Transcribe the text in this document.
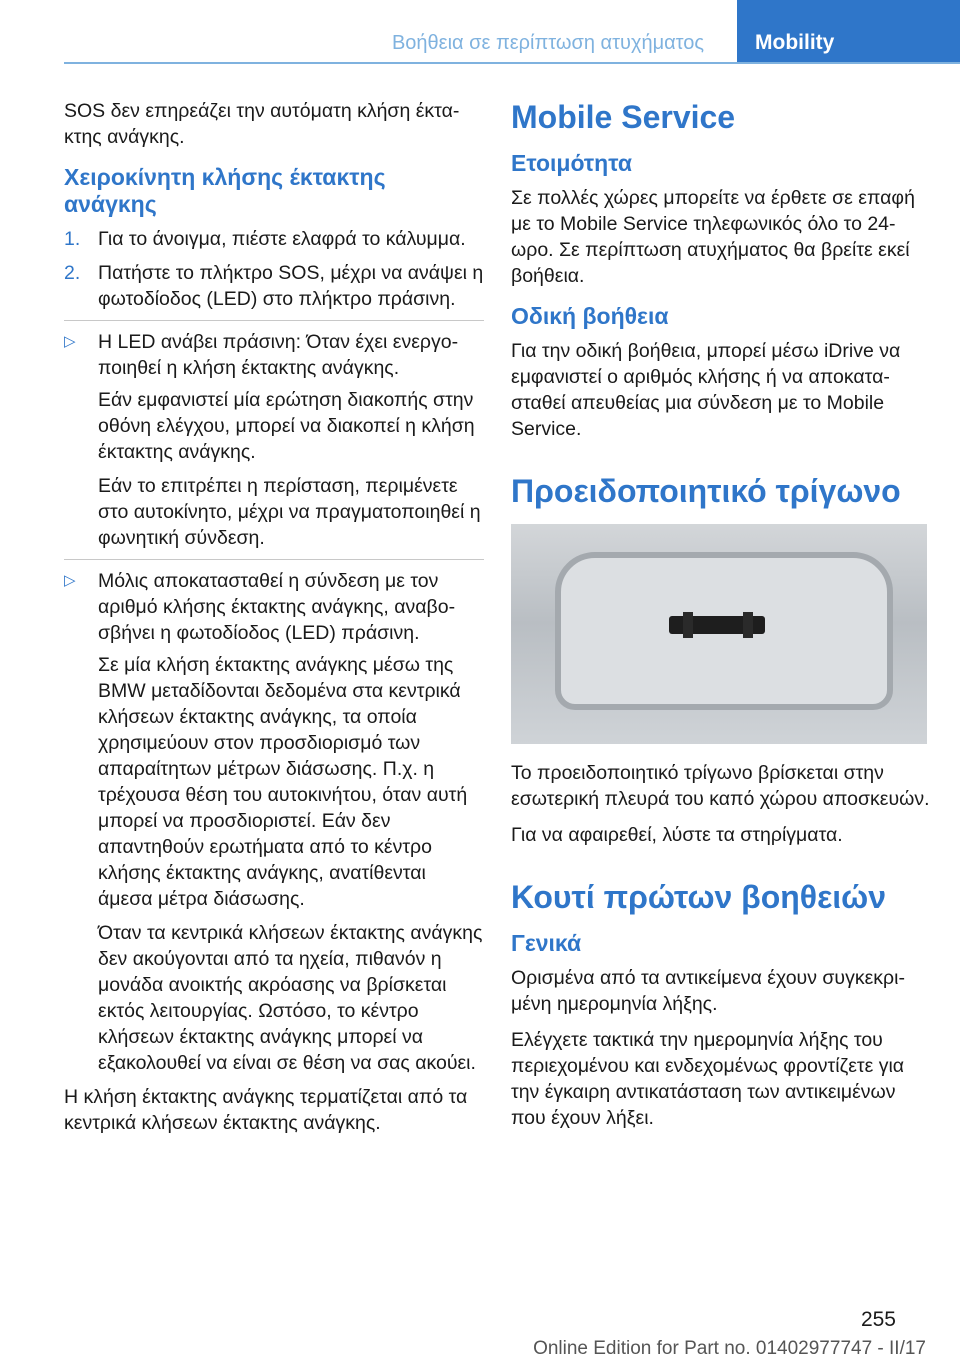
Βοήθεια σε περίπτωση ατυχήματος	Mobility

SOS δεν επηρεάζει την αυτόματη κλήση έκτακτης ανάγκης.

Χειροκίνητη κλήσης έκτακτης ανάγκης
1. Για το άνοιγμα, πιέστε ελαφρά το κάλυμμα.
2. Πατήστε το πλήκτρο SOS, μέχρι να ανάψει η φωτοδίοδος (LED) στο πλήκτρο πράσινη.
▷	Η LED ανάβει πράσινη: Όταν έχει ενεργοποιηθεί η κλήση έκτακτης ανάγκης.
Εάν εμφανιστεί μία ερώτηση διακοπής στην οθόνη ελέγχου, μπορεί να διακοπεί η κλήση έκτακτης ανάγκης.
Εάν το επιτρέπει η περίσταση, περιμένετε στο αυτοκίνητο, μέχρι να πραγματοποιηθεί η φωνητική σύνδεση.
▷	Μόλις αποκατασταθεί η σύνδεση με τον αριθμό κλήσης έκτακτης ανάγκης, αναβοσβήνει η φωτοδίοδος (LED) πράσινη.
Σε μία κλήση έκτακτης ανάγκης μέσω της BMW μεταδίδονται δεδομένα στα κεντρικά κλήσεων έκτακτης ανάγκης, τα οποία χρησιμεύουν στον προσδιορισμό των απαραίτητων μέτρων διάσωσης. Π.χ. η τρέχουσα θέση του αυτοκινήτου, όταν αυτή μπορεί να προσδιοριστεί. Εάν δεν απαντηθούν ερωτήματα από το κέντρο κλήσης έκτακτης ανάγκης, ανατίθενται άμεσα μέτρα διάσωσης.
Όταν τα κεντρικά κλήσεων έκτακτης ανάγκης δεν ακούγονται από τα ηχεία, πιθανόν η μονάδα ανοικτής ακρόασης να βρίσκεται εκτός λειτουργίας. Ωστόσο, το κέντρο κλήσεων έκτακτης ανάγκης μπορεί να εξακολουθεί να είναι σε θέση να σας ακούει.

Η κλήση έκτακτης ανάγκης τερματίζεται από τα κεντρικά κλήσεων έκτακτης ανάγκης.

Mobile Service
Ετοιμότητα

Σε πολλές χώρες μπορείτε να έρθετε σε επαφή με το Mobile Service τηλεφωνικός όλο το 24-ωρο. Σε περίπτωση ατυχήματος θα βρείτε εκεί βοήθεια.

Οδική βοήθεια

Για την οδική βοήθεια, μπορεί μέσω iDrive να εμφανιστεί ο αριθμός κλήσης ή να αποκατασταθεί απευθείας μια σύνδεση με το Mobile Service.

Προειδοποιητικό τρίγωνο

Το προειδοποιητικό τρίγωνο βρίσκεται στην εσωτερική πλευρά του καπό χώρου αποσκευών.

Για να αφαιρεθεί, λύστε τα στηρίγματα.

Κουτί πρώτων βοηθειών
Γενικά

Ορισμένα από τα αντικείμενα έχουν συγκεκριμένη ημερομηνία λήξης.

Ελέγχετε τακτικά την ημερομηνία λήξης του περιεχομένου και ενδεχομένως φροντίζετε για την έγκαιρη αντικατάσταση των αντικειμένων που έχουν λήξει.

255
Online Edition for Part no. 01402977747 - II/17
